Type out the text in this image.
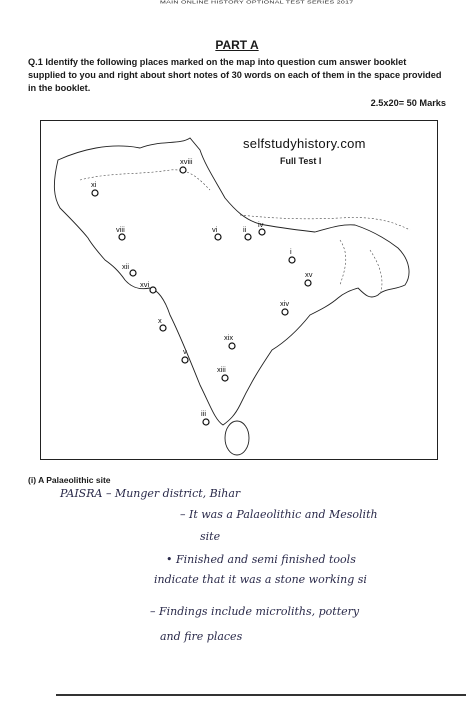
MAIN ONLINE HISTORY OPTIONAL TEST SERIES 2017
PART A
Q.1 Identify the following places marked on the map into question cum answer booklet supplied to you and right about short notes of 30 words on each of them in the space provided in the booklet.
2.5x20= 50 Marks
xviii
xi
vi	ii
iv
viii
xii
xvi
i
xv
xiv
x
xix
v
xiii
iii
selfstudyhistory.com
Full Test I
(i) A Palaeolithic site
PAISRA – Munger district, Bihar
– It was a Palaeolithic and Mesolith
site
• Finished and semi finished tools
indicate that it was a stone working si
– Findings include microliths, pottery
and fire places
